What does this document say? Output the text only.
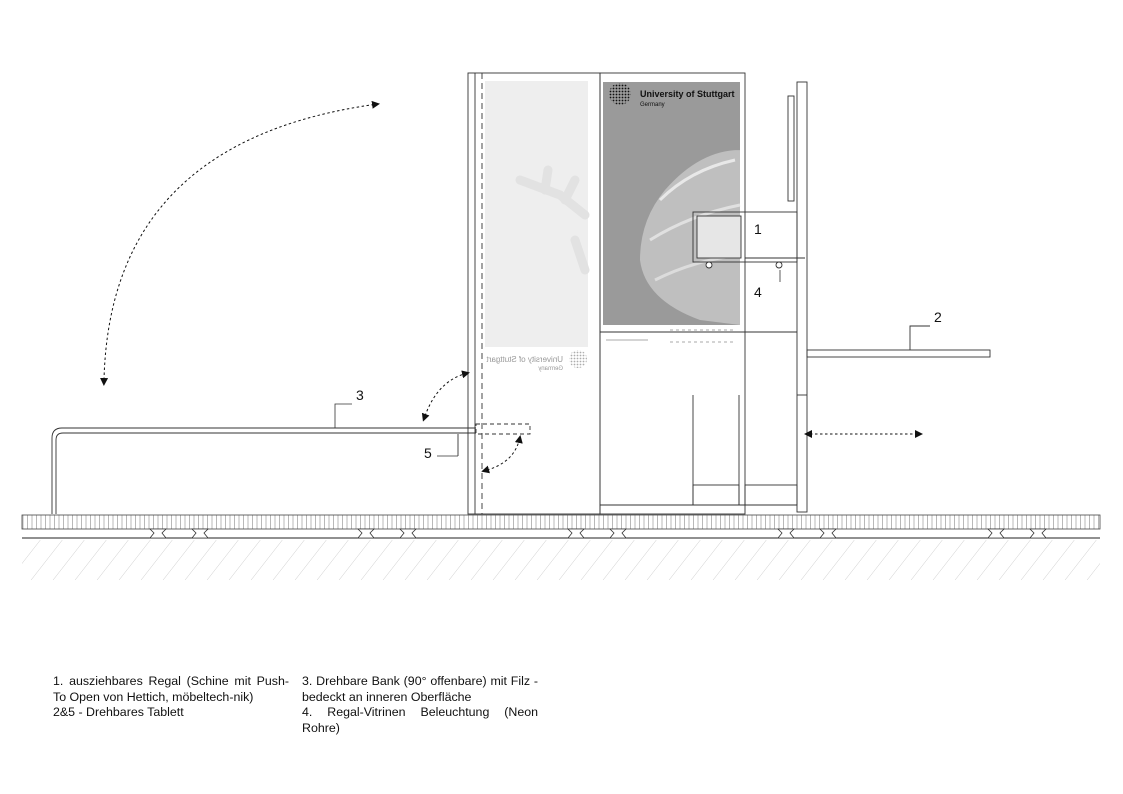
University of Stuttgart
Germany
University of Stuttgart
Germany
1
2
3
4
5

1. ausziehbares Regal (Schine mit Push-To Open von Hettich, möbeltech-nik)

2&5 - Drehbares Tablett

3. Drehbare Bank (90° offenbare) mit Filz -bedeckt an inneren Oberfläche

4. Regal-Vitrinen Beleuchtung (Neon Rohre)
